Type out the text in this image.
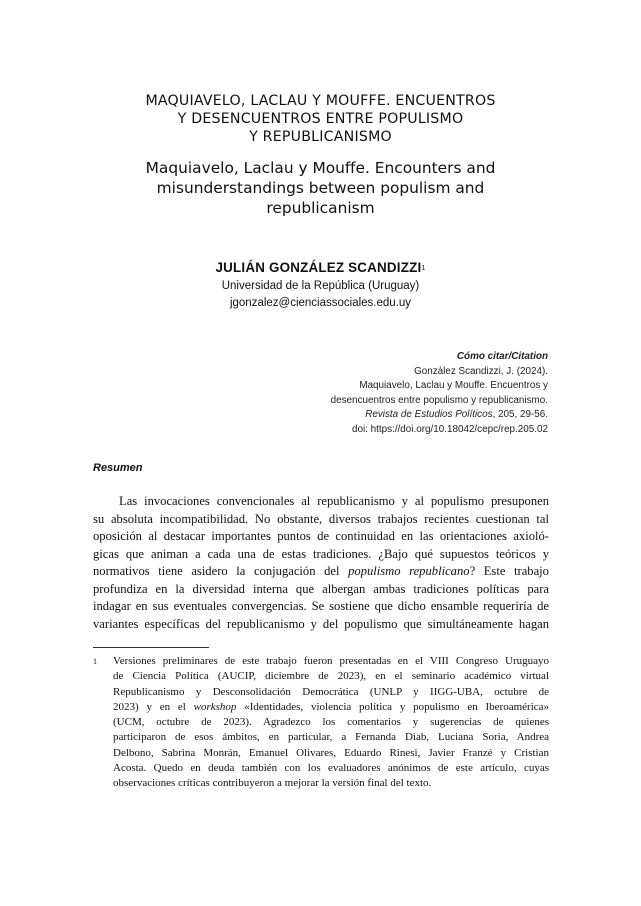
MAQUIAVELO, LACLAU Y MOUFFE. ENCUENTROS
Y DESENCUENTROS ENTRE POPULISMO
Y REPUBLICANISMO
Maquiavelo, Laclau y Mouffe. Encounters and
misunderstandings between populism and
republicanism
JULIÁN GONZÁLEZ SCANDIZZI$^1$
Universidad de la República (Uruguay)
jgonzalez@cienciassociales.edu.uy
Cómo citar/Citation
González Scandizzi, J. (2024).
Maquiavelo, Laclau y Mouffe. Encuentros y
desencuentros entre populismo y republicanismo.
Revista de Estudios Políticos, 205, 29-56.
doi: https://doi.org/10.18042/cepc/rep.205.02
Resumen
Las invocaciones convencionales al republicanismo y al populismo presuponen
su absoluta incompatibilidad. No obstante, diversos trabajos recientes cuestionan tal
oposición al destacar importantes puntos de continuidad en las orientaciones axioló-
gicas que animan a cada una de estas tradiciones. ¿Bajo qué supuestos teóricos y
normativos tiene asidero la conjugación del populismo republicano? Este trabajo
profundiza en la diversidad interna que albergan ambas tradiciones políticas para
indagar en sus eventuales convergencias. Se sostiene que dicho ensamble requeriría de
variantes específicas del republicanismo y del populismo que simultáneamente hagan
1 Versiones preliminares de este trabajo fueron presentadas en el VIII Congreso Uruguayo
de Ciencia Política (AUCIP, diciembre de 2023), en el seminario académico virtual
Republicanismo y Desconsolidación Democrática (UNLP y IIGG-UBA, octubre de
2023) y en el workshop «Identidades, violencia política y populismo en Iberoamérica»
(UCM, octubre de 2023). Agradezco los comentarios y sugerencias de quienes
participaron de esos ámbitos, en particular, a Fernanda Diab, Luciana Soria, Andrea
Delbono, Sabrina Monrán, Emanuel Olivares, Eduardo Rinesi, Javier Franzé y Cristian
Acosta. Quedo en deuda también con los evaluadores anónimos de este artículo, cuyas
observaciones críticas contribuyeron a mejorar la versión final del texto.
